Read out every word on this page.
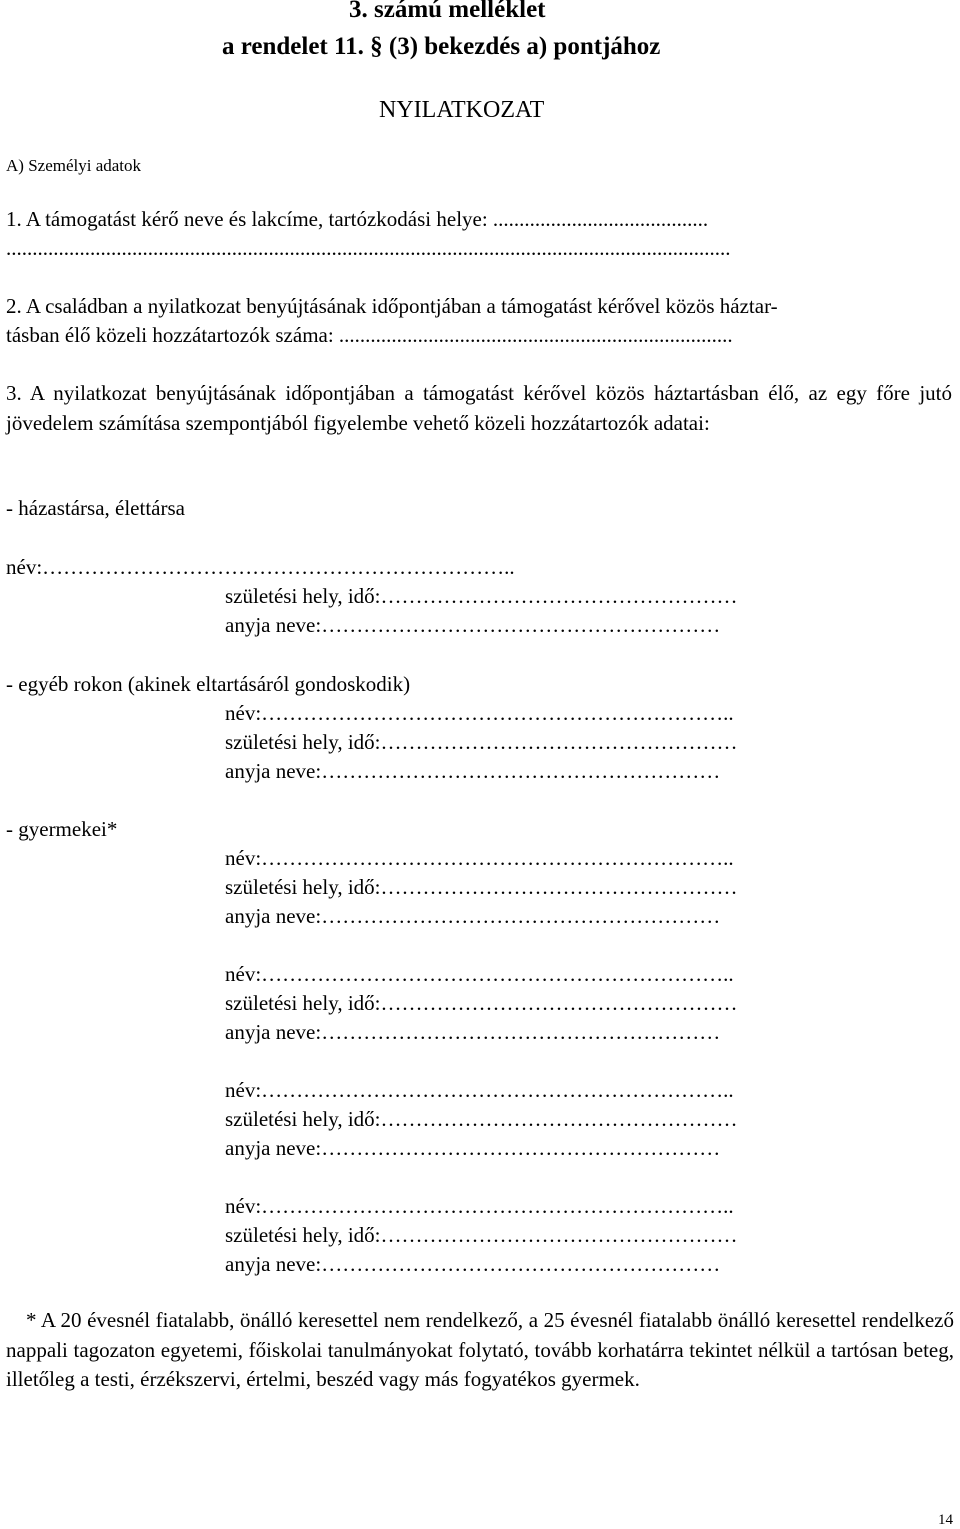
3. számú melléklet
a rendelet 11. § (3) bekezdés a) pontjához
NYILATKOZAT
A) Személyi adatok
1. A támogatást kérő neve és lakcíme, tartózkodási helye: .........................................
..........................................................................................................................................
2. A családban a nyilatkozat benyújtásának időpontjában a támogatást kérővel közös háztar-
tásban élő közeli hozzátartozók száma: ...........................................................................
3. A nyilatkozat benyújtásának időpontjában a támogatást kérővel közös háztartásban élő, az egy főre jutó jövedelem számítása szempontjából figyelembe vehető közeli hozzátartozók adatai:
- házastársa, élettársa
név:…………………………………………………………..
születési hely, idő:……………………………………………
anyja neve:…………………………………………………
- egyéb rokon (akinek eltartásáról gondoskodik)
név:…………………………………………………………..
születési hely, idő:……………………………………………
anyja neve:…………………………………………………
- gyermekei*
név:…………………………………………………………..
születési hely, idő:……………………………………………
anyja neve:…………………………………………………
név:…………………………………………………………..
születési hely, idő:……………………………………………
anyja neve:…………………………………………………
név:…………………………………………………………..
születési hely, idő:……………………………………………
anyja neve:…………………………………………………
név:…………………………………………………………..
születési hely, idő:……………………………………………
anyja neve:…………………………………………………
* A 20 évesnél fiatalabb, önálló keresettel nem rendelkező, a 25 évesnél fiatalabb önálló keresettel rendelkező nappali tagozaton egyetemi, főiskolai tanulmányokat folytató, tovább korhatárra tekintet nélkül a tartósan beteg, illetőleg a testi, érzékszervi, értelmi, beszéd vagy más fogyatékos gyermek.
14
